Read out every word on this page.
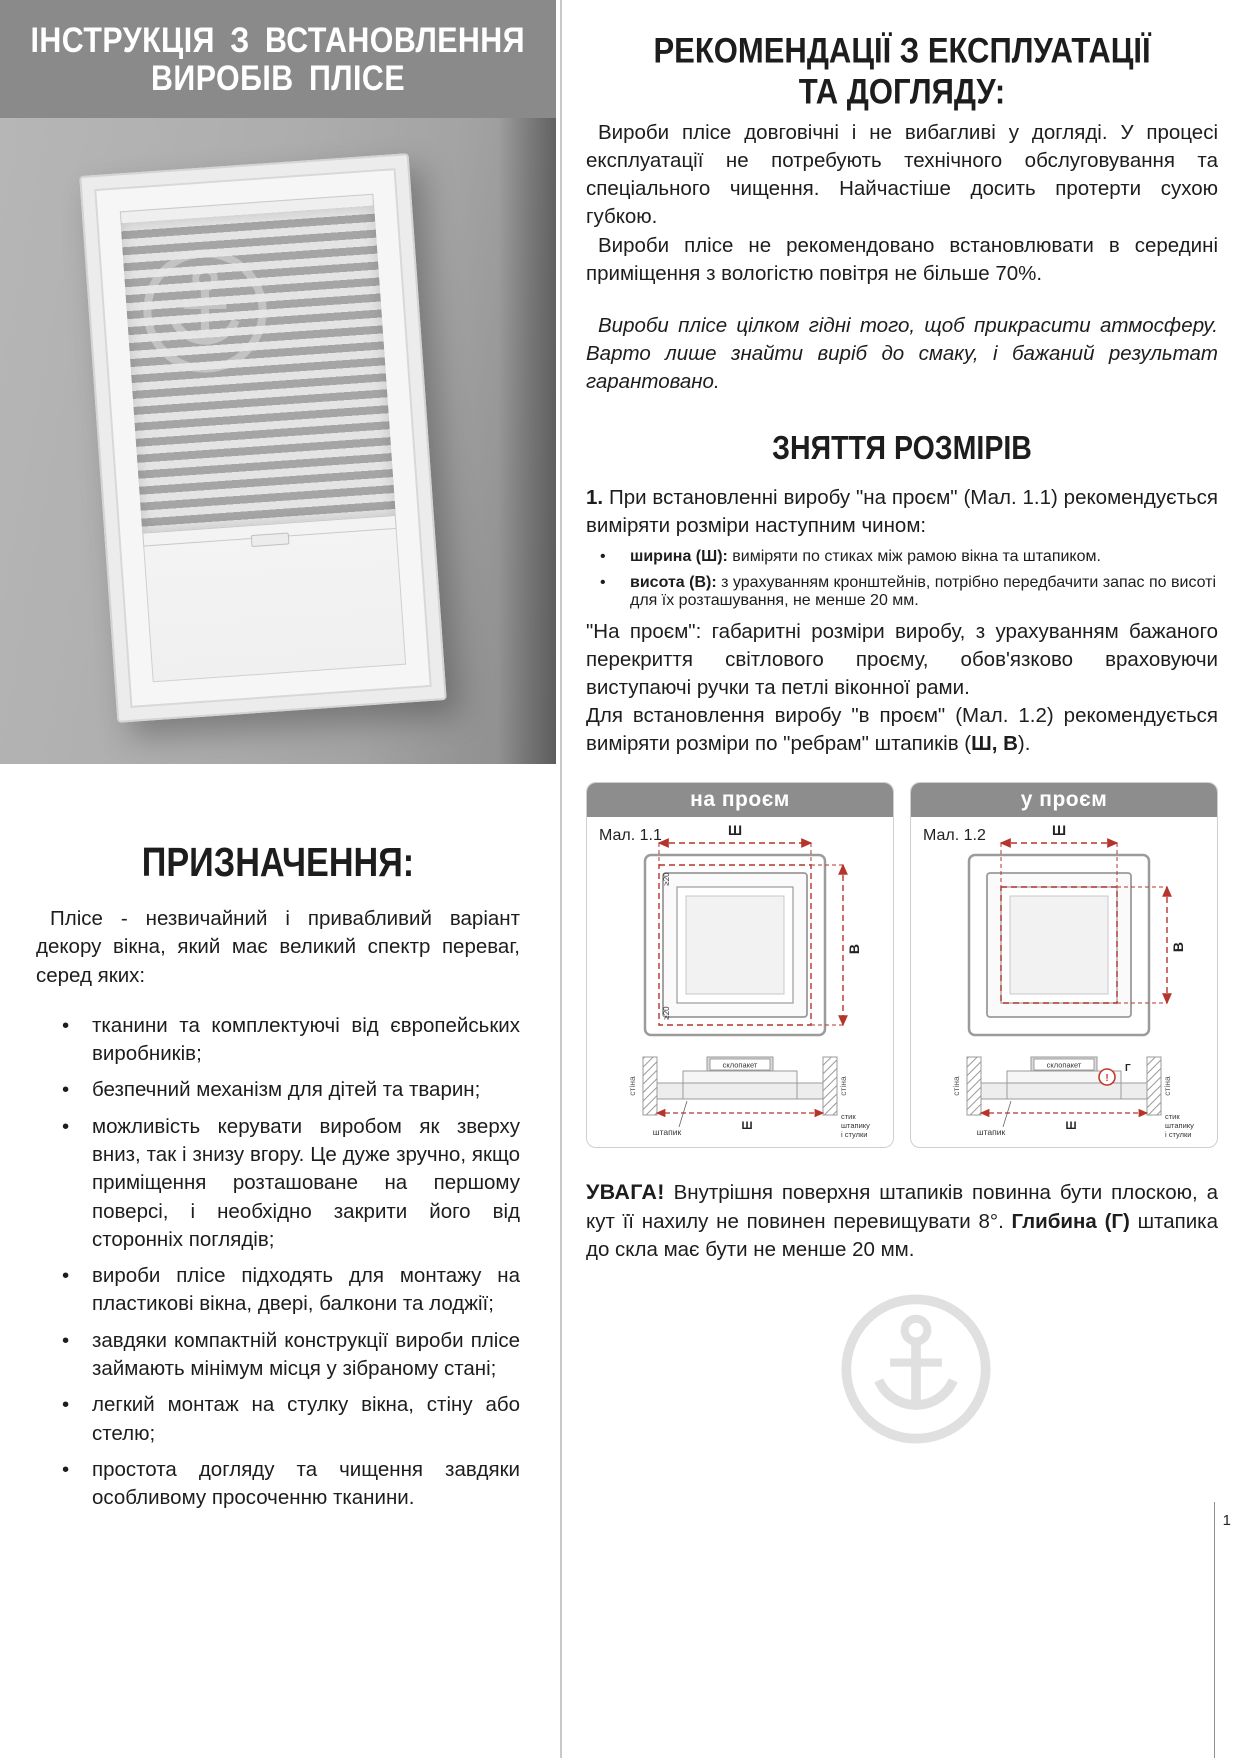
ІНСТРУКЦІЯ З ВСТАНОВЛЕННЯ
ВИРОБІВ ПЛІСЕ
ПРИЗНАЧЕННЯ:

Плісе - незвичайний і привабливий варіант декору вікна, який має великий спектр переваг, серед яких:

•	тканини та комплектуючі від європейських виробників;
•	безпечний механізм для дітей та тварин;
•	можливість керувати виробом як зверху вниз, так і знизу вгору. Це дуже зручно, якщо приміщення розташоване на першому поверсі, і необхідно закрити його від сторонніх поглядів;
•	вироби плісе підходять для монтажу на пластикові вікна, двері, балкони та лоджії;
•	завдяки компактній конструкції вироби плісе займають мінімум місця у зібраному стані;
•	легкий монтаж на стулку вікна, стіну або стелю;
•	простота догляду та чищення завдяки особливому просоченню тканини.
РЕКОМЕНДАЦІЇ З ЕКСПЛУАТАЦІЇ
ТА ДОГЛЯДУ:

Вироби плісе довговічні і не вибагливі у догляді. У процесі експлуатації не потребують технічного обслуговування та спеціального чищення. Найчастіше досить протерти сухою губкою.

Вироби плісе не рекомендовано встановлювати в середині приміщення з вологістю повітря не більше 70%.

Вироби плісе цілком гідні того, щоб прикрасити атмосферу. Варто лише знайти виріб до смаку, і бажаний результат гарантовано.

ЗНЯТТЯ РОЗМІРІВ

1. При встановленні виробу "на проєм" (Мал. 1.1) рекомендується виміряти розміри наступним чином:

•	ширина (Ш): виміряти по стиках між рамою вікна та штапиком.
•	висота (В): з урахуванням кронштейнів, потрібно передбачити запас по висоті для їх розташування, не менше 20 мм.

"На проєм": габаритні розміри виробу, з урахуванням бажаного перекриття світлового проєму, обов'язково враховуючи виступаючі ручки та петлі віконної рами.

Для встановлення виробу "в проєм" (Мал. 1.2) рекомендується виміряти розміри по "ребрам" штапиків (Ш, В).

на проєм
Мал. 1.1	Ш
В
≥20
≥20
стіна	стіна
склопакет
штапик	Ш
стик
штапику
і стулки
у проєм
Мал. 1.2	Ш
В
стіна	стіна
склопакет
!
Г
штапик	Ш
стик
штапику
і стулки

УВАГА! Внутрішня поверхня штапиків повинна бути плоскою, а кут її нахилу не повинен перевищувати 8°. Глибина (Г) штапика до скла має бути не менше 20 мм.

1
